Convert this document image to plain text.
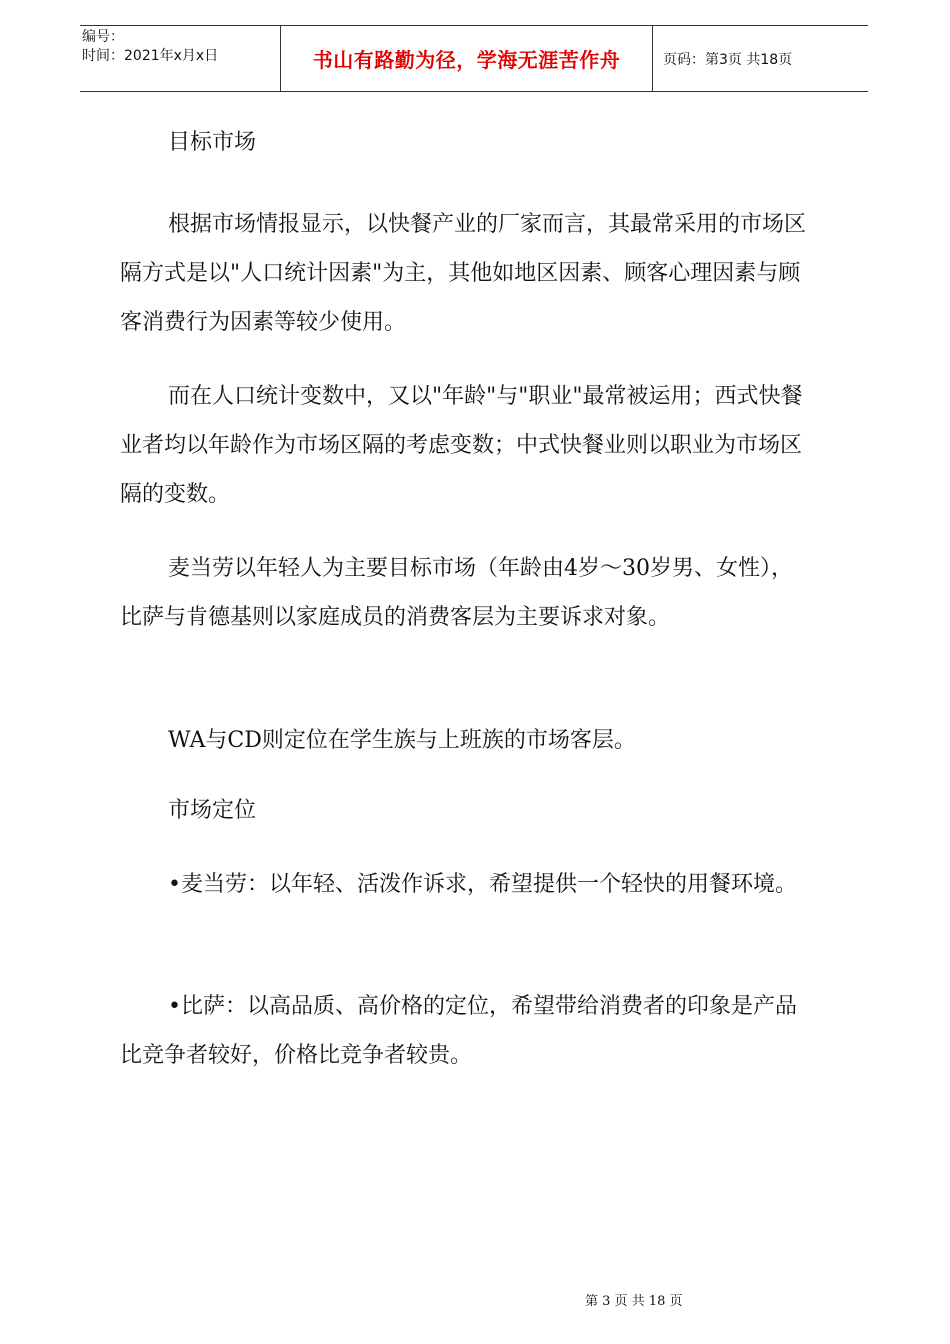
编号：
时间：2021年x月x日	书山有路勤为径，学海无涯苦作舟	页码：第3页 共18页

目标市场

根据市场情报显示，以快餐产业的厂家而言，其最常采用的市场区隔方式是以"人口统计因素"为主，其他如地区因素、顾客心理因素与顾客消费行为因素等较少使用。

而在人口统计变数中，又以"年龄"与"职业"最常被运用；西式快餐业者均以年龄作为市场区隔的考虑变数；中式快餐业则以职业为市场区隔的变数。

麦当劳以年轻人为主要目标市场（年龄由4岁～30岁男、女性），比萨与肯德基则以家庭成员的消费客层为主要诉求对象。

WA与CD则定位在学生族与上班族的市场客层。

市场定位

•麦当劳：以年轻、活泼作诉求，希望提供一个轻快的用餐环境。

•比萨：以高品质、高价格的定位，希望带给消费者的印象是产品比竞争者较好，价格比竞争者较贵。

第 3 页 共 18 页
